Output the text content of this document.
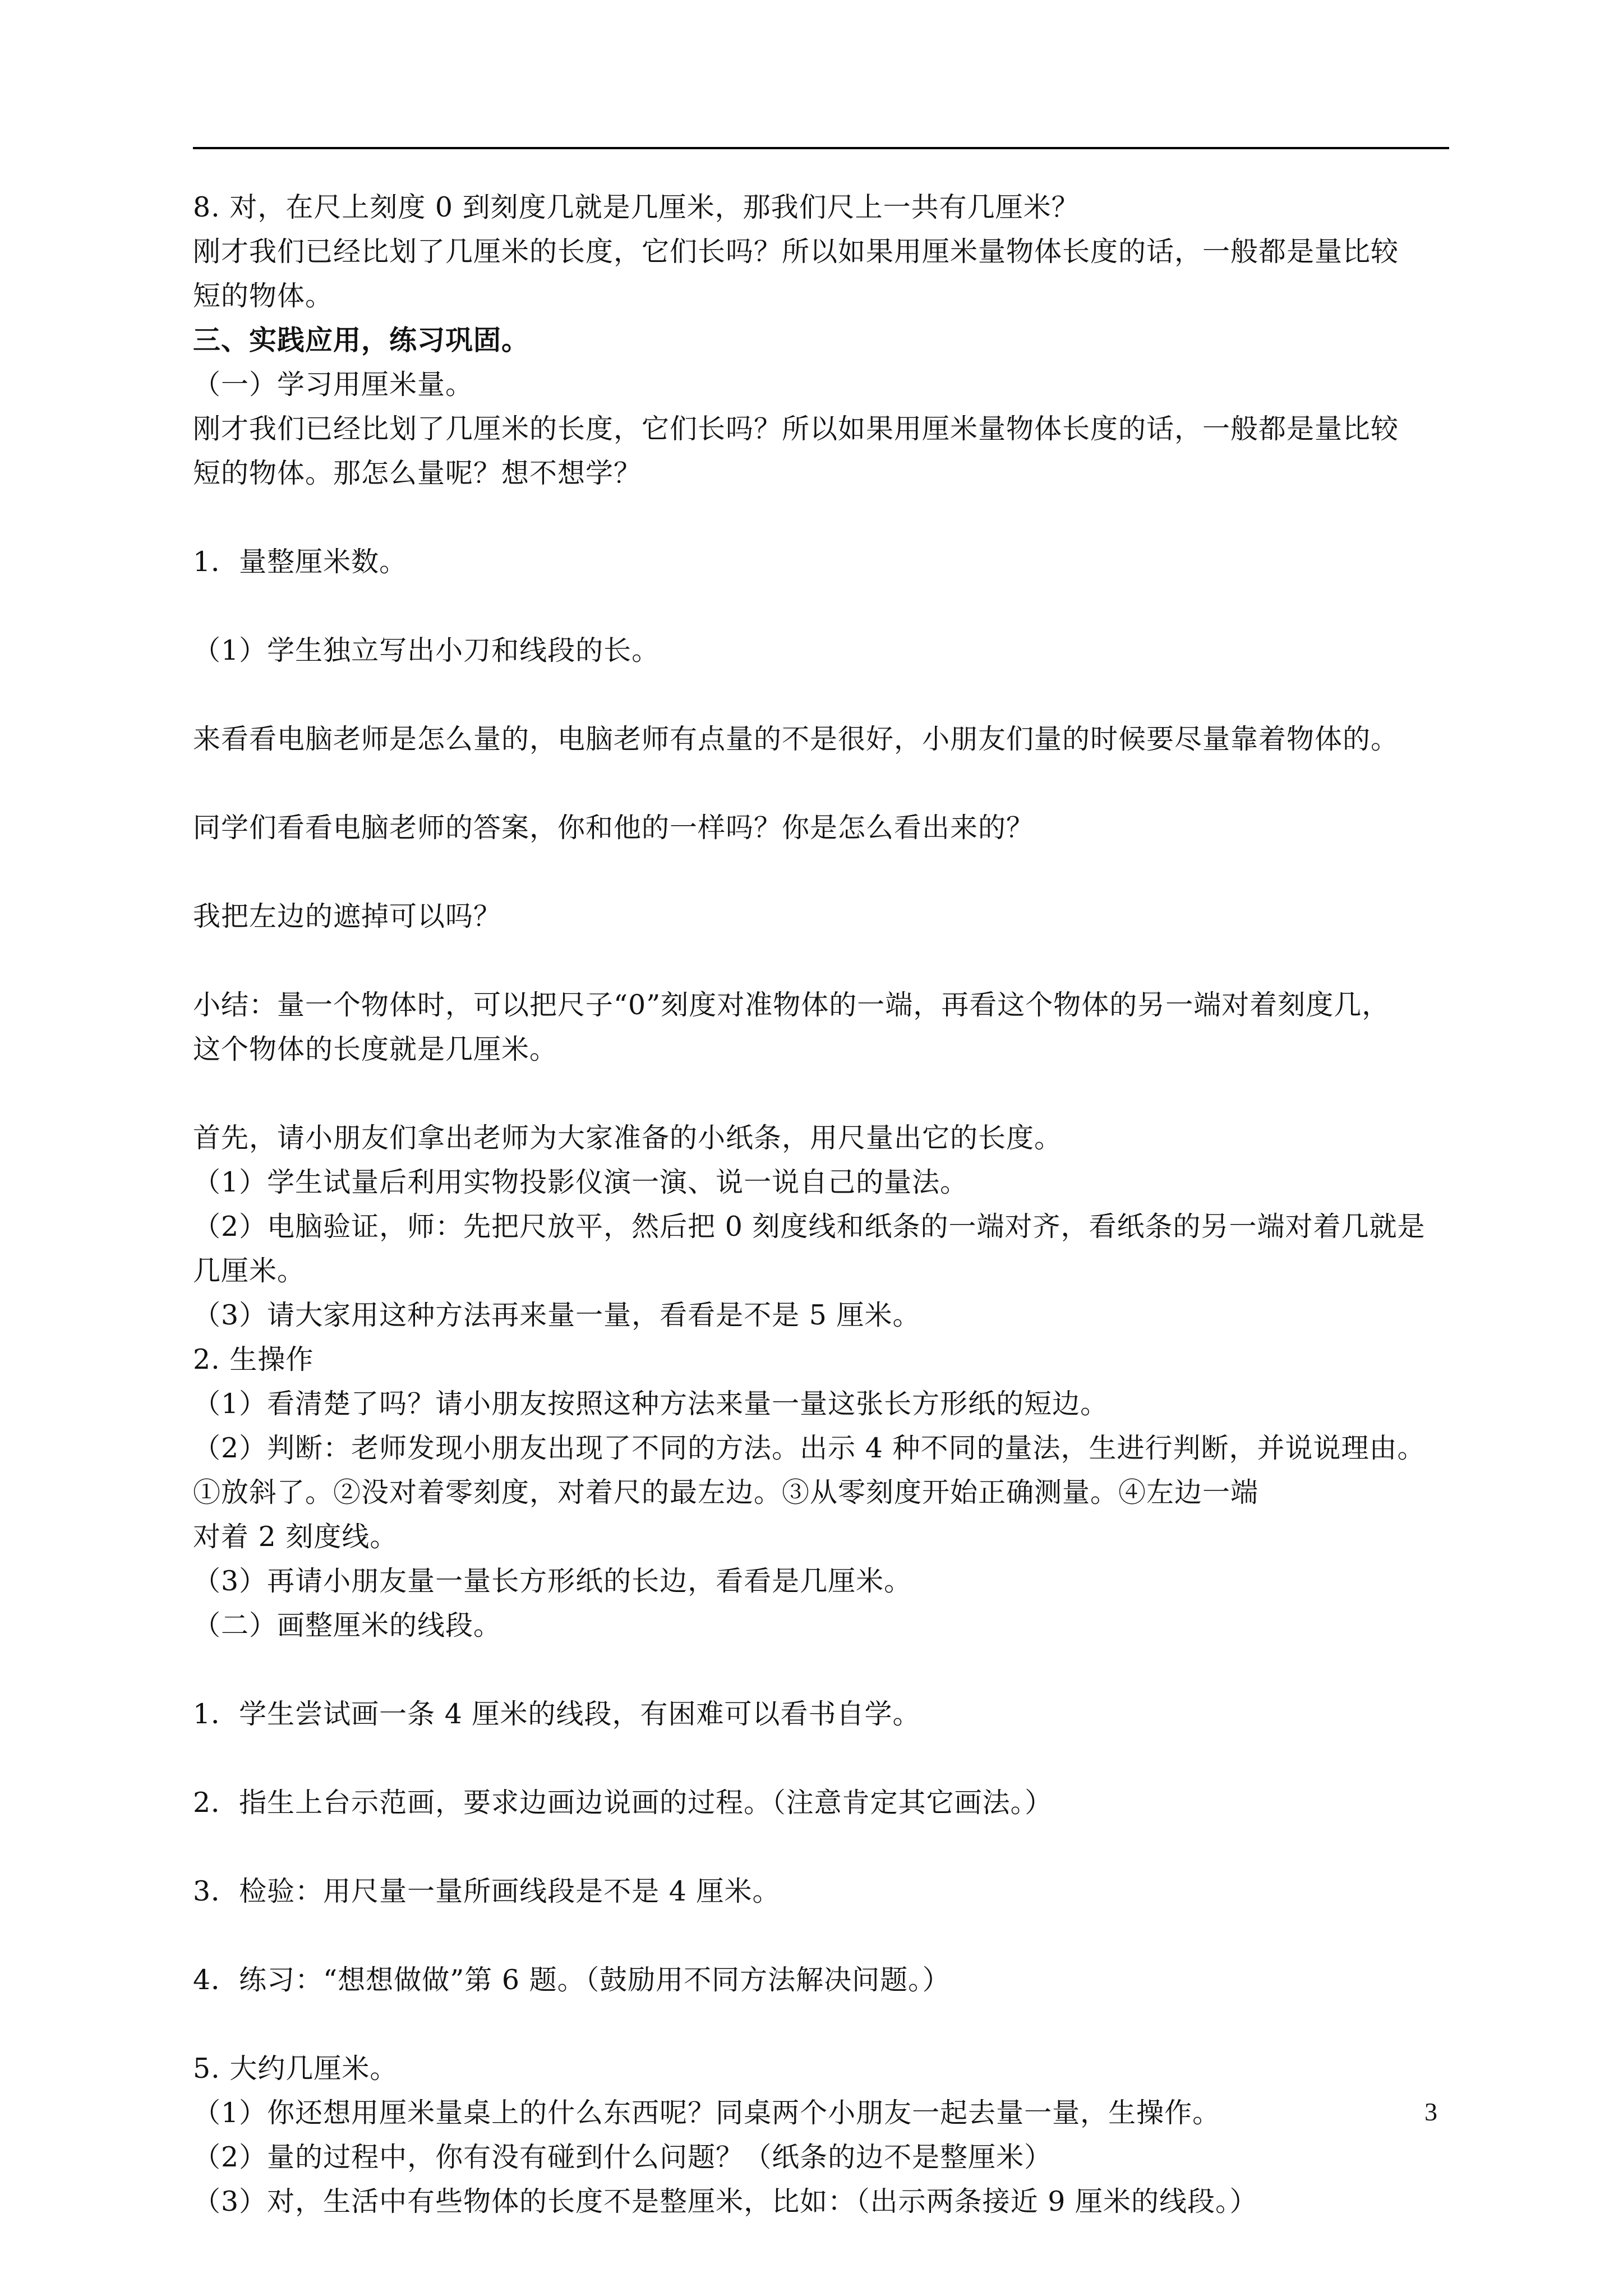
8. 对，在尺上刻度 0 到刻度几就是几厘米，那我们尺上一共有几厘米？

刚才我们已经比划了几厘米的长度，它们长吗？所以如果用厘米量物体长度的话，一般都是量比较

短的物体。

三、实践应用，练习巩固。

（一）学习用厘米量。

刚才我们已经比划了几厘米的长度，它们长吗？所以如果用厘米量物体长度的话，一般都是量比较

短的物体。那怎么量呢？想不想学？

1．量整厘米数。

（1）学生独立写出小刀和线段的长。

来看看电脑老师是怎么量的，电脑老师有点量的不是很好，小朋友们量的时候要尽量靠着物体的。

同学们看看电脑老师的答案，你和他的一样吗？你是怎么看出来的？

我把左边的遮掉可以吗？

小结：量一个物体时，可以把尺子“0”刻度对准物体的一端，再看这个物体的另一端对着刻度几，

这个物体的长度就是几厘米。

首先，请小朋友们拿出老师为大家准备的小纸条，用尺量出它的长度。

（1）学生试量后利用实物投影仪演一演、说一说自己的量法。

（2）电脑验证，师：先把尺放平，然后把 0 刻度线和纸条的一端对齐，看纸条的另一端对着几就是

几厘米。

（3）请大家用这种方法再来量一量，看看是不是 5 厘米。

2. 生操作

（1）看清楚了吗？请小朋友按照这种方法来量一量这张长方形纸的短边。

（2）判断：老师发现小朋友出现了不同的方法。出示 4 种不同的量法，生进行判断，并说说理由。

①放斜了。②没对着零刻度，对着尺的最左边。③从零刻度开始正确测量。④左边一端

对着 2 刻度线。

（3）再请小朋友量一量长方形纸的长边，看看是几厘米。

（二）画整厘米的线段。

1．学生尝试画一条 4 厘米的线段，有困难可以看书自学。

2．指生上台示范画，要求边画边说画的过程。（注意肯定其它画法。）

3．检验：用尺量一量所画线段是不是 4 厘米。

4．练习：“想想做做”第 6 题。（鼓励用不同方法解决问题。）

5. 大约几厘米。

（1）你还想用厘米量桌上的什么东西呢？同桌两个小朋友一起去量一量，生操作。

（2）量的过程中，你有没有碰到什么问题？（纸条的边不是整厘米）

（3）对，生活中有些物体的长度不是整厘米，比如：（出示两条接近 9 厘米的线段。）

3
